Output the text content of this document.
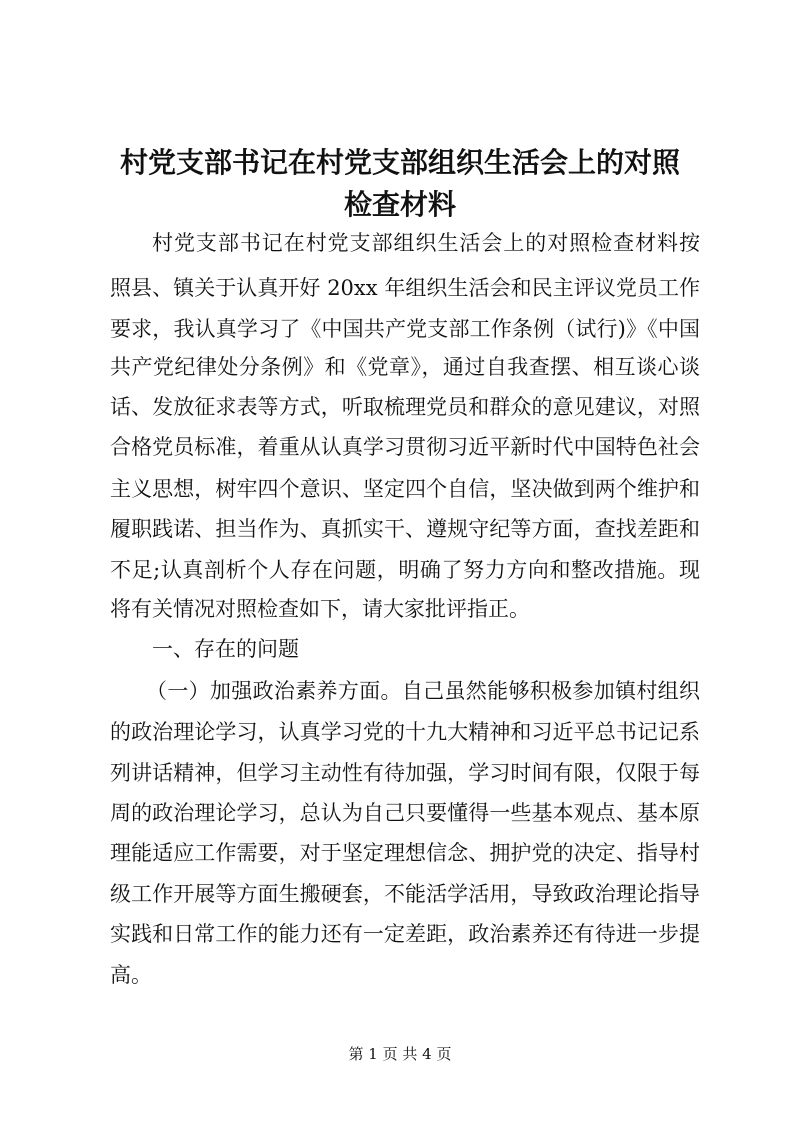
村党支部书记在村党支部组织生活会上的对照
检查材料

村党支部书记在村党支部组织生活会上的对照检查材料按

照县、镇关于认真开好 20xx 年组织生活会和民主评议党员工作

要求，我认真学习了《中国共产党支部工作条例（试行)》《中国

共产党纪律处分条例》和《党章》，通过自我查摆、相互谈心谈

话、发放征求表等方式，听取梳理党员和群众的意见建议，对照

合格党员标准，着重从认真学习贯彻习近平新时代中国特色社会

主义思想，树牢四个意识、坚定四个自信，坚决做到两个维护和

履职践诺、担当作为、真抓实干、遵规守纪等方面，查找差距和

不足;认真剖析个人存在问题，明确了努力方向和整改措施。现

将有关情况对照检查如下，请大家批评指正。

一、存在的问题

（一）加强政治素养方面。自己虽然能够积极参加镇村组织

的政治理论学习，认真学习党的十九大精神和习近平总书记记系

列讲话精神，但学习主动性有待加强，学习时间有限，仅限于每

周的政治理论学习，总认为自己只要懂得一些基本观点、基本原

理能适应工作需要，对于坚定理想信念、拥护党的决定、指导村

级工作开展等方面生搬硬套，不能活学活用，导致政治理论指导

实践和日常工作的能力还有一定差距，政治素养还有待进一步提

高。

第 1 页 共 4 页
